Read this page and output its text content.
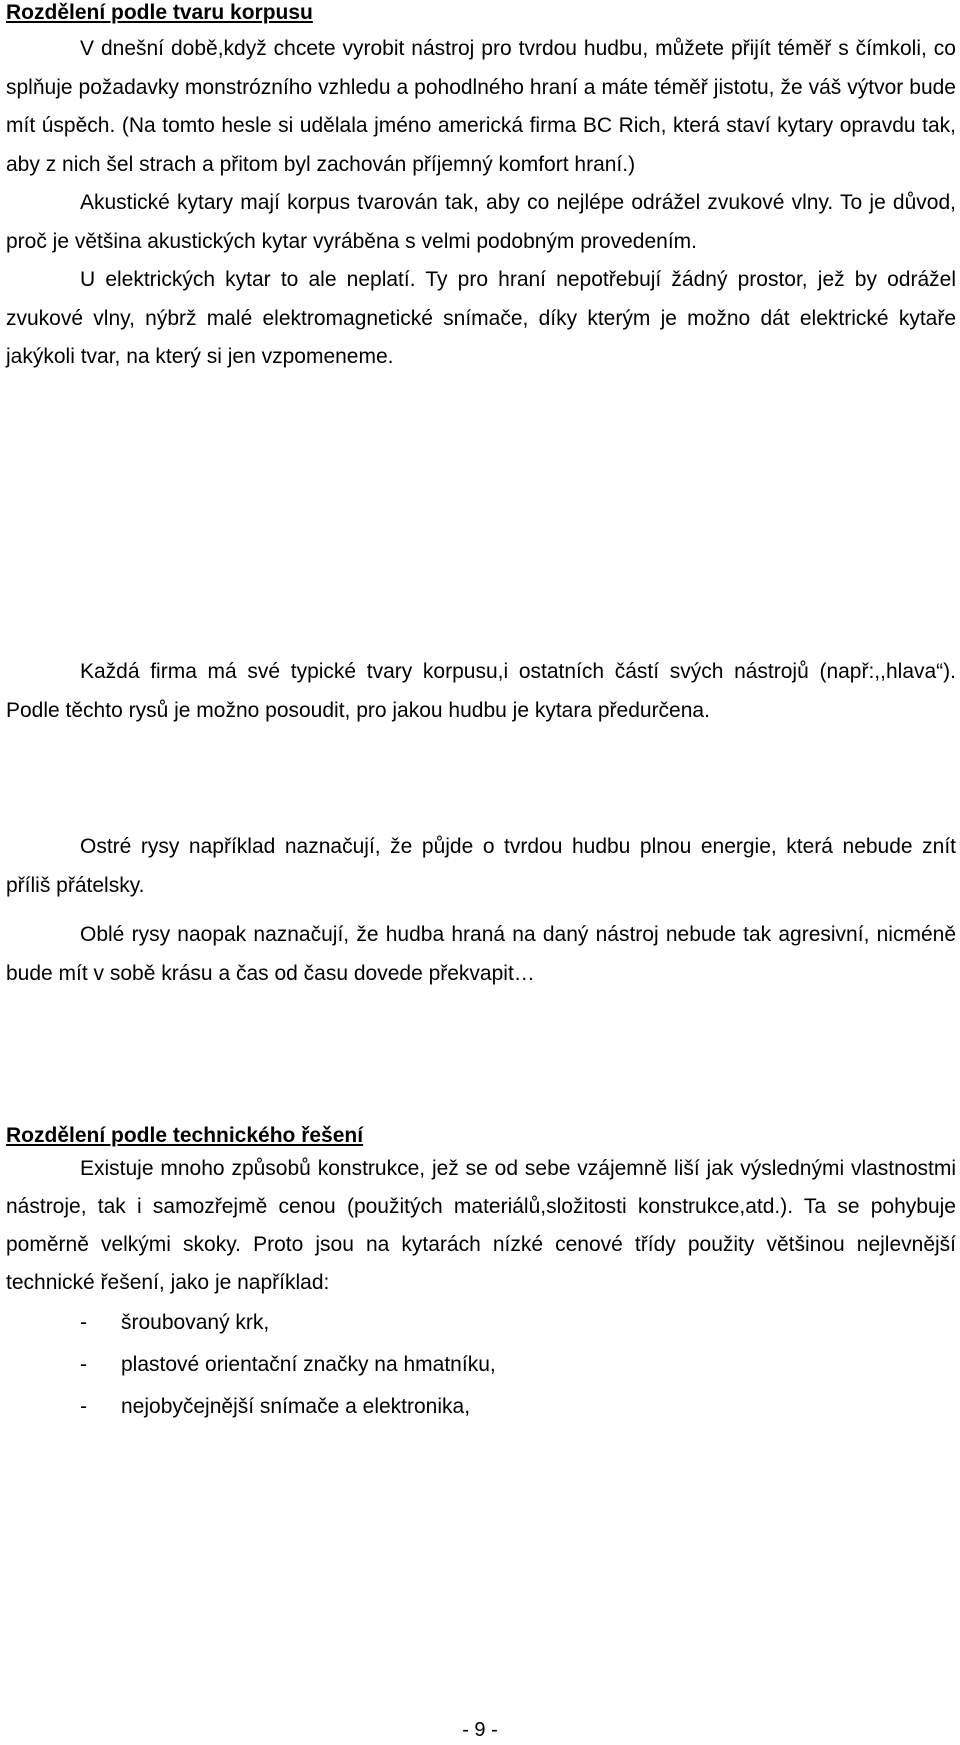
Rozdělení podle tvaru korpusu

V dnešní době,když chcete vyrobit nástroj pro tvrdou hudbu, můžete přijít téměř s čímkoli, co splňuje požadavky monstrózního vzhledu a pohodlného hraní a máte téměř jistotu, že váš výtvor bude mít úspěch. (Na tomto hesle si udělala jméno americká firma BC Rich, která staví kytary opravdu tak, aby z nich šel strach a přitom byl zachován příjemný komfort hraní.)

Akustické kytary mají korpus tvarován tak, aby co nejlépe odrážel zvukové vlny. To je důvod, proč je většina akustických kytar vyráběna s velmi podobným provedením.

U elektrických kytar to ale neplatí. Ty pro hraní nepotřebují žádný prostor, jež by odrážel zvukové vlny, nýbrž malé elektromagnetické snímače, díky kterým je možno dát elektrické kytaře jakýkoli tvar, na který si jen vzpomeneme.

Každá firma má své typické tvary korpusu,i ostatních částí svých nástrojů (např:,,hlava“). Podle těchto rysů je možno posoudit, pro jakou hudbu je kytara předurčena.

Ostré rysy například naznačují, že půjde o tvrdou hudbu plnou energie, která nebude znít příliš přátelsky.

Oblé rysy naopak naznačují, že hudba hraná na daný nástroj nebude tak agresivní, nicméně bude mít v sobě krásu a čas od času dovede překvapit…

Rozdělení podle technického řešení

Existuje mnoho způsobů konstrukce, jež se od sebe vzájemně liší jak výslednými vlastnostmi nástroje, tak i samozřejmě cenou (použitých materiálů,složitosti konstrukce,atd.). Ta se pohybuje poměrně velkými skoky. Proto jsou na kytarách nízké cenové třídy použity většinou nejlevnější technické řešení, jako je například:

- šroubovaný krk,
- plastové orientační značky na hmatníku,
- nejobyčejnější snímače a elektronika,
- 9 -
